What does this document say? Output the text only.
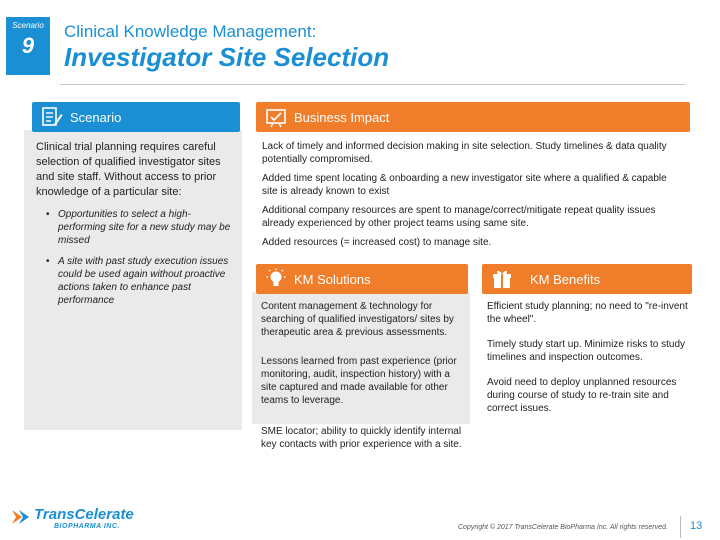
Scenario
9
Clinical Knowledge Management:
Investigator Site Selection
Scenario

Clinical trial planning requires careful selection of qualified investigator sites and site staff. Without access to prior knowledge of a particular site:

• Opportunities to select a high-performing site for a new study may be missed
• A site with past study execution issues could be used again without proactive actions taken to enhance past performance
Business Impact

Lack of timely and informed decision making in site selection. Study timelines & data quality potentially compromised.

Added time spent locating & onboarding a new investigator site where a qualified & capable site is already known to exist

Additional company resources are spent to manage/correct/mitigate repeat quality issues already experienced by other project teams using same site.

Added resources (= increased cost) to manage site.

KM Solutions

Content management & technology for searching of qualified investigators/ sites by therapeutic area & previous assessments.

Lessons learned from past experience (prior monitoring, audit, inspection history) with a site captured and made available for other teams to leverage.

SME locator; ability to quickly identify internal key contacts with prior experience with a site.

KM Benefits

Efficient study planning; no need to "re-invent the wheel".

Timely study start up. Minimize risks to study timelines and inspection outcomes.

Avoid need to deploy unplanned resources during course of study to re-train site and correct issues.

TransCelerate
BIOPHARMA INC.	Copyright © 2017 TransCelerate BioPharma Inc. All rights reserved.	13
